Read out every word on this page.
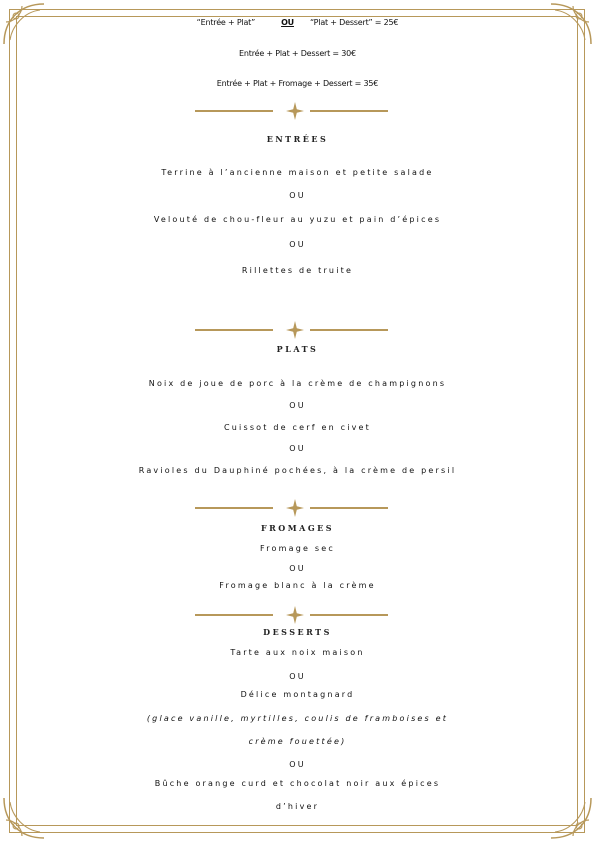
“Entrée + Plat”	OU “Plat + Dessert” = 25€
Entrée + Plat + Dessert = 30€
Entrée + Plat + Fromage + Dessert = 35€
ENTRÉES
Terrine à l’ancienne maison et petite salade
OU
Velouté de chou-fleur au yuzu et pain d’épices
OU
Rillettes de truite
PLATS
Noix de joue de porc à la crème de champignons
OU
Cuissot de cerf en civet
OU
Ravioles du Dauphiné pochées, à la crème de persil
FROMAGES
Fromage sec
OU
Fromage blanc à la crème
DESSERTS
Tarte aux noix maison
OU
Délice montagnard
(glace vanille, myrtilles, coulis de framboises et
crème fouettée)
OU
Bûche orange curd et chocolat noir aux épices
d’hiver
